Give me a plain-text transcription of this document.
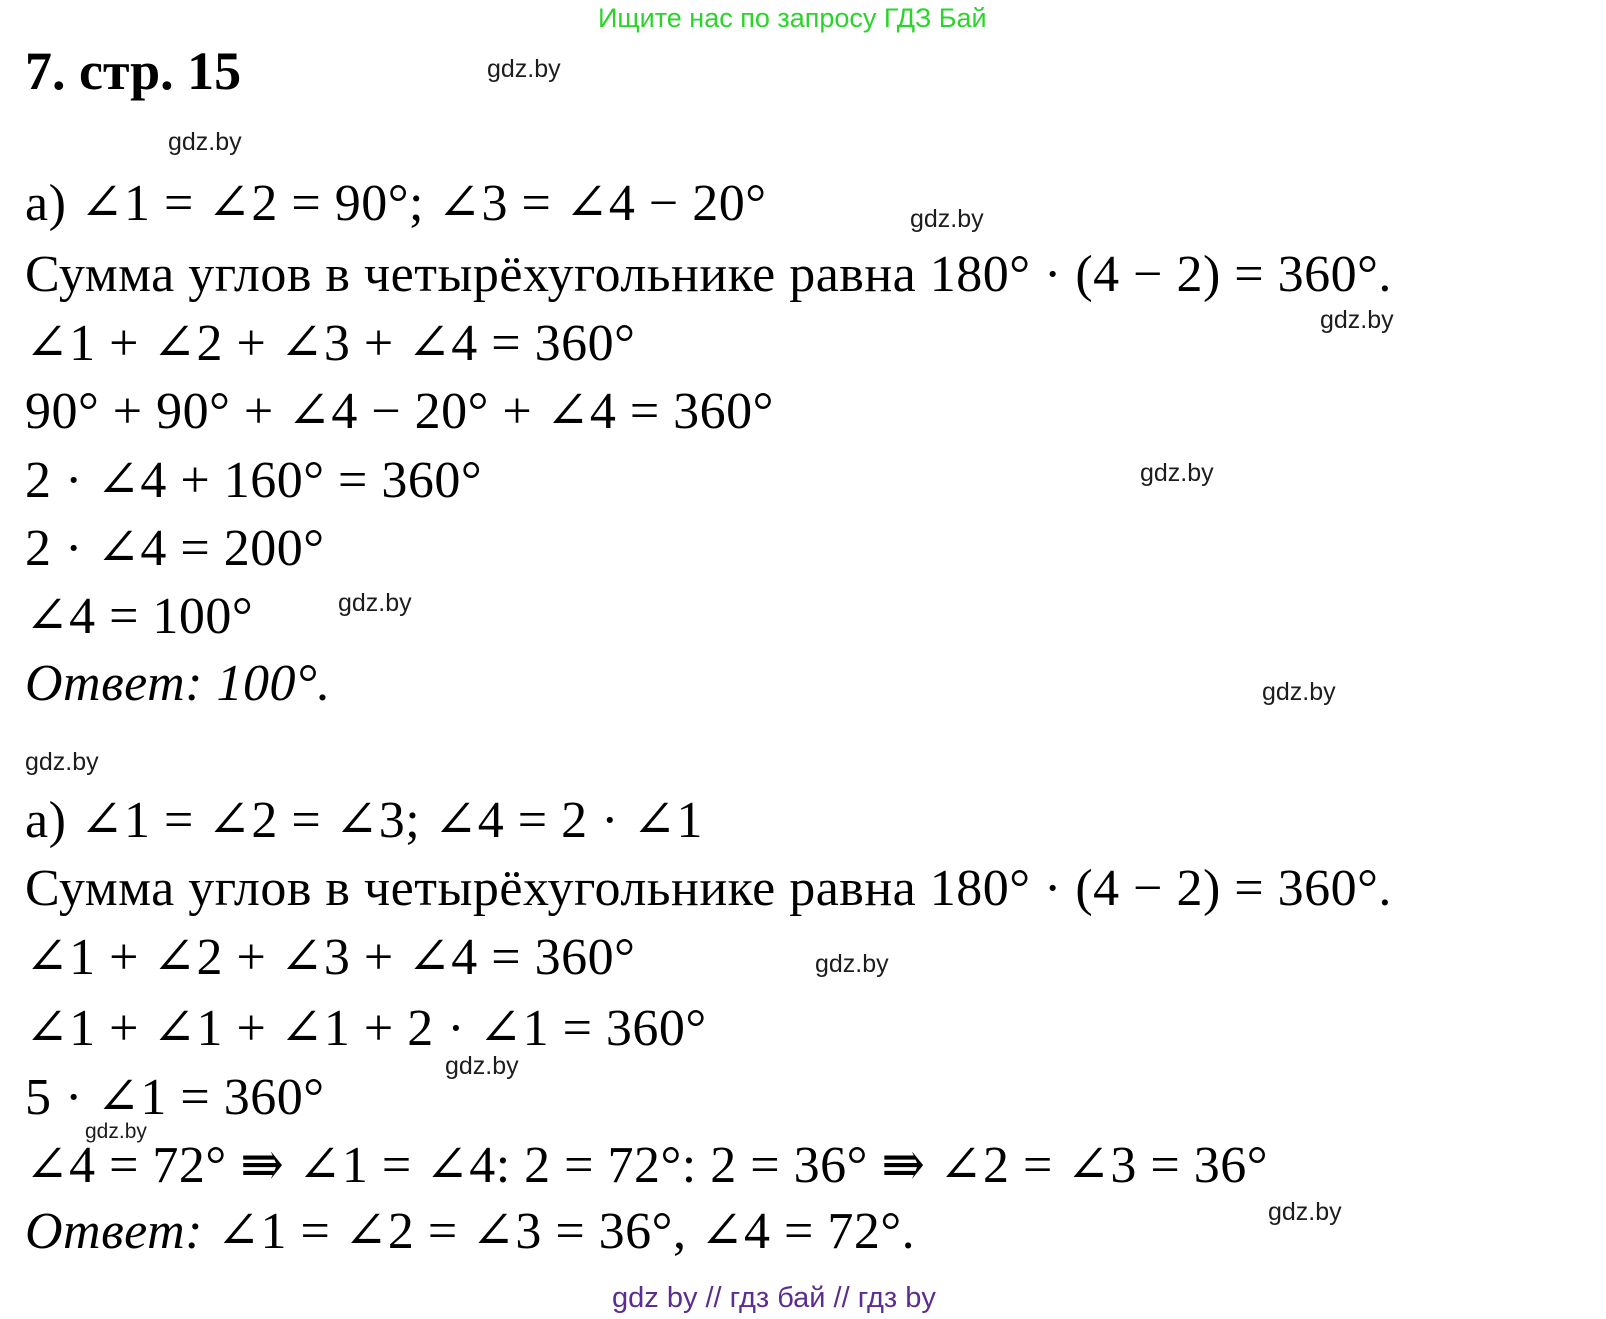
Ищите нас по запросу ГДЗ Бай
7. стр. 15	gdz.by
gdz.by
gdz.by
gdz.by
gdz.by
gdz.by
gdz.by
gdz.by
gdz.by
gdz.by
gdz.by
gdz.by
а) ∠1 = ∠2 = 90°; ∠3 = ∠4 − 20°
Сумма углов в четырёхугольнике равна 180° · (4 − 2) = 360°.
∠1 + ∠2 + ∠3 + ∠4 = 360°
90° + 90° + ∠4 − 20° + ∠4 = 360°
2 · ∠4 + 160° = 360°
2 · ∠4 = 200°
∠4 = 100°
Ответ: 100°.
а) ∠1 = ∠2 = ∠3; ∠4 = 2 · ∠1
Сумма углов в четырёхугольнике равна 180° · (4 − 2) = 360°.
∠1 + ∠2 + ∠3 + ∠4 = 360°
∠1 + ∠1 + ∠1 + 2 · ∠1 = 360°
5 · ∠1 = 360°
∠4 = 72° ⇛ ∠1 = ∠4: 2 = 72°: 2 = 36° ⇛ ∠2 = ∠3 = 36°
Ответ: ∠1 = ∠2 = ∠3 = 36°, ∠4 = 72°.
gdz by // гдз бай // гдз by
